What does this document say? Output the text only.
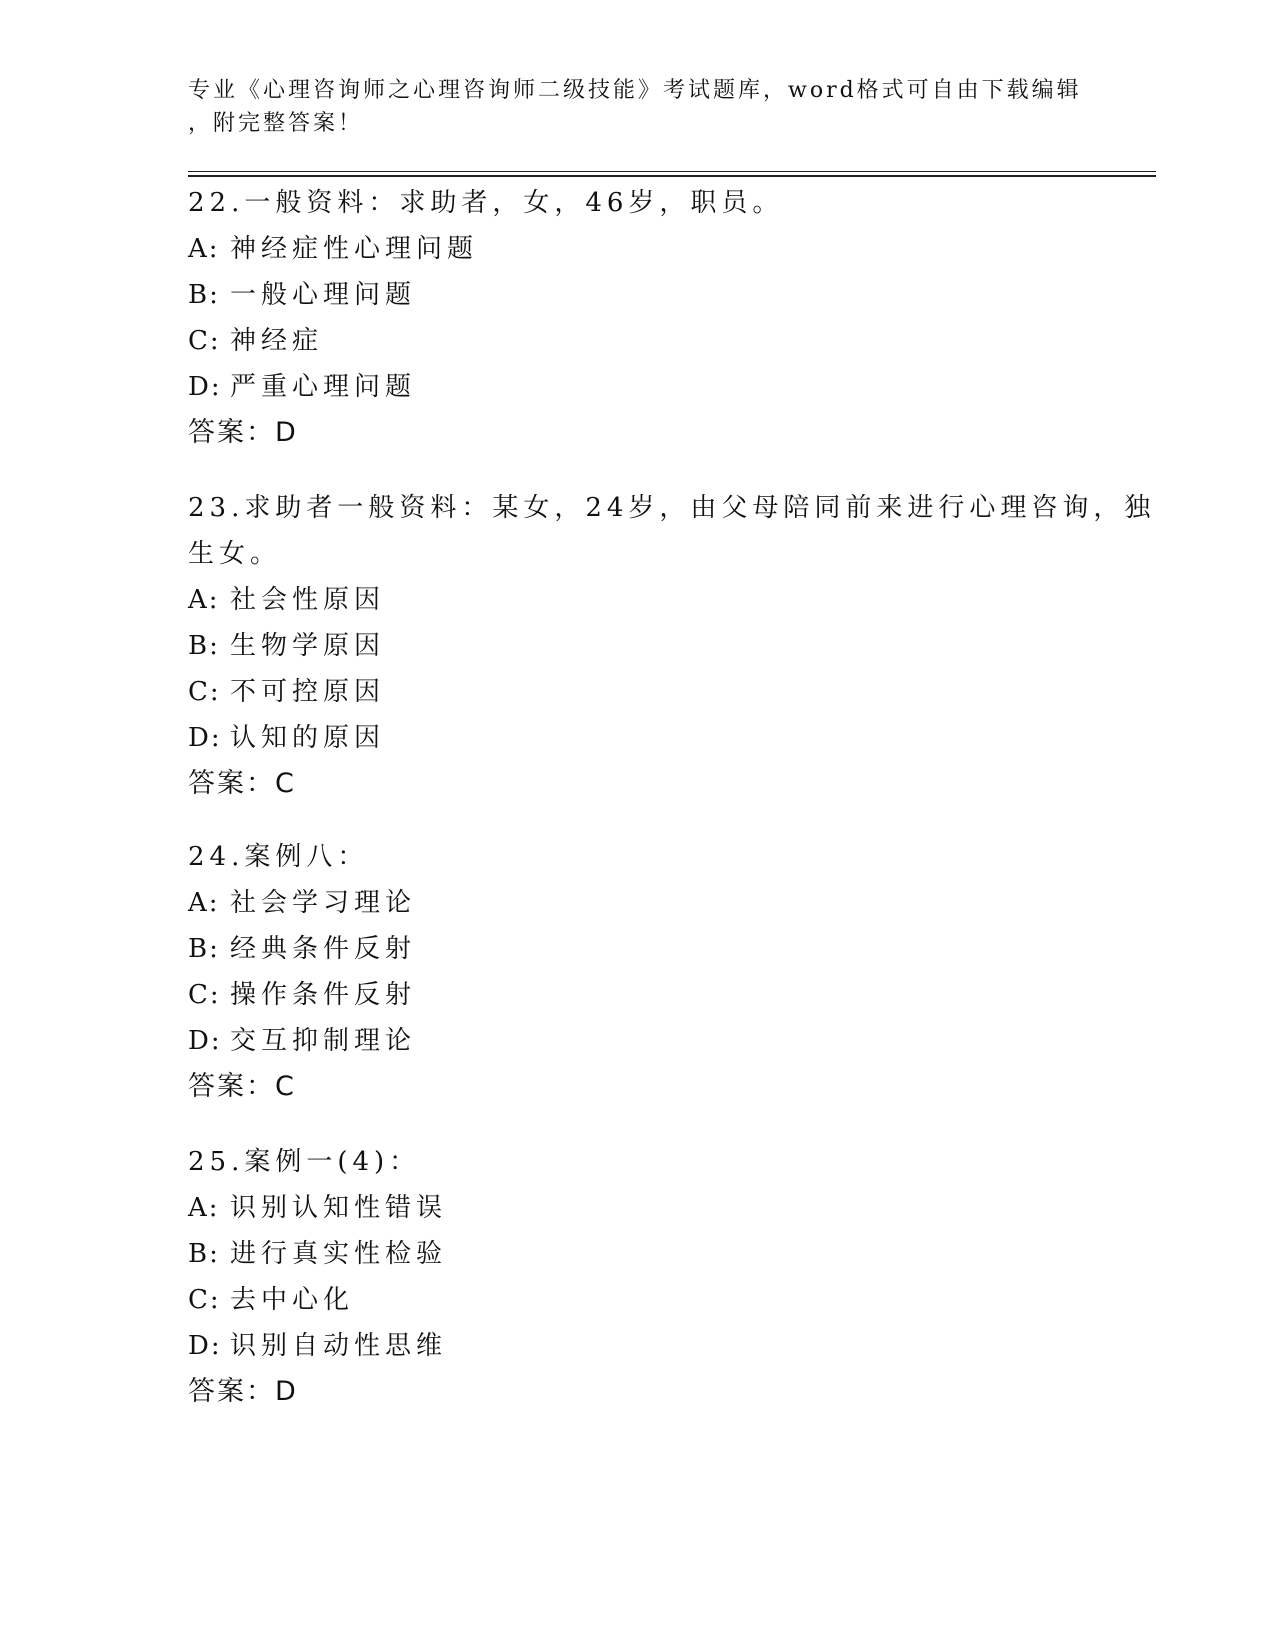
专业《心理咨询师之心理咨询师二级技能》考试题库，word格式可自由下载编辑
，附完整答案！
22.一般资料：求助者，女，46岁，职员。
A: 神经症性心理问题
B: 一般心理问题
C: 神经症
D: 严重心理问题
答案：D
23.求助者一般资料：某女，24岁，由父母陪同前来进行心理咨询，独
生女。
A: 社会性原因
B: 生物学原因
C: 不可控原因
D: 认知的原因
答案：C
24.案例八：
A: 社会学习理论
B: 经典条件反射
C: 操作条件反射
D: 交互抑制理论
答案：C
25.案例一(4)：
A: 识别认知性错误
B: 进行真实性检验
C: 去中心化
D: 识别自动性思维
答案：D
